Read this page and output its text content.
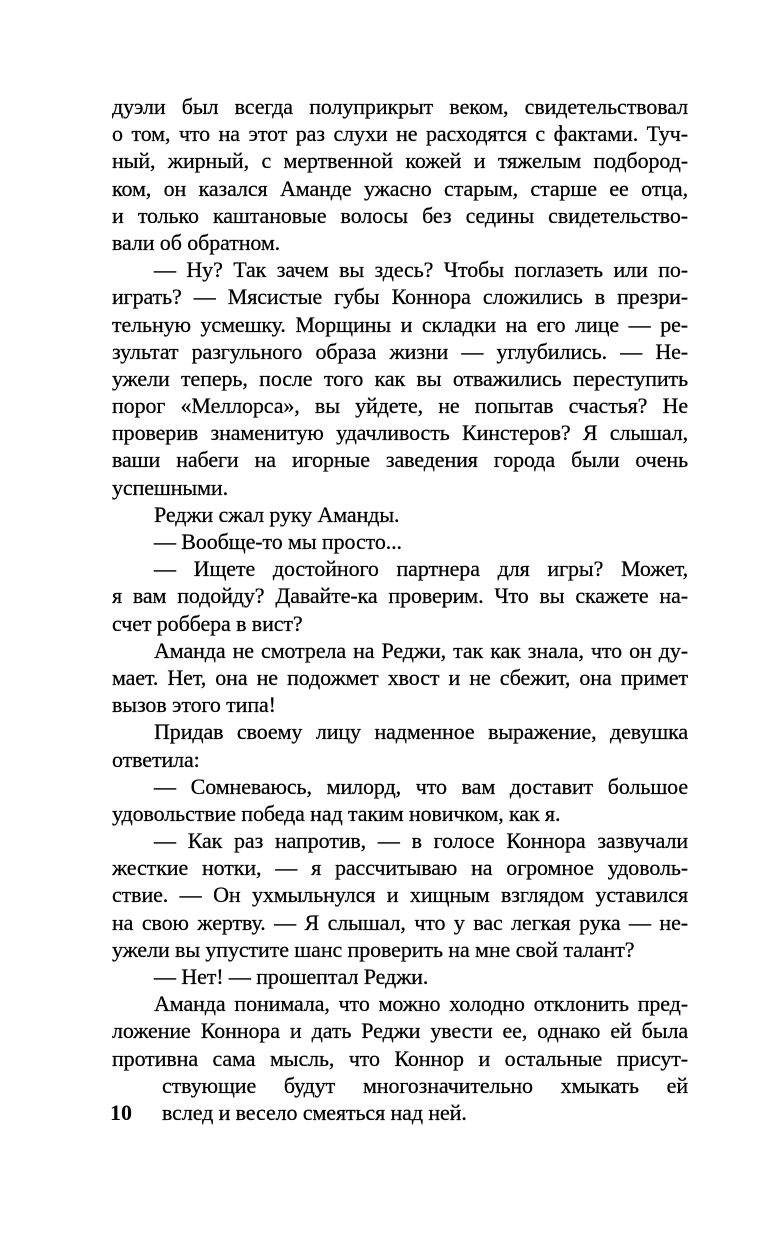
дуэли был всегда полуприкрыт веком, свидетельствовал
о том, что на этот раз слухи не расходятся с фактами. Туч-
ный, жирный, с мертвенной кожей и тяжелым подбород-
ком, он казался Аманде ужасно старым, старше ее отца,
и только каштановые волосы без седины свидетельство-
вали об обратном.
— Ну? Так зачем вы здесь? Чтобы поглазеть или по-
играть? — Мясистые губы Коннора сложились в презри-
тельную усмешку. Морщины и складки на его лице — ре-
зультат разгульного образа жизни — углубились. — Не-
ужели теперь, после того как вы отважились переступить
порог «Меллорса», вы уйдете, не попытав счастья? Не
проверив знаменитую удачливость Кинстеров? Я слышал,
ваши набеги на игорные заведения города были очень
успешными.
Реджи сжал руку Аманды.
— Вообще-то мы просто...
— Ищете достойного партнера для игры? Может,
я вам подойду? Давайте-ка проверим. Что вы скажете на-
счет роббера в вист?
Аманда не смотрела на Реджи, так как знала, что он ду-
мает. Нет, она не подожмет хвост и не сбежит, она примет
вызов этого типа!
Придав своему лицу надменное выражение, девушка
ответила:
— Сомневаюсь, милорд, что вам доставит большое
удовольствие победа над таким новичком, как я.
— Как раз напротив, — в голосе Коннора зазвучали
жесткие нотки, — я рассчитываю на огромное удоволь-
ствие. — Он ухмыльнулся и хищным взглядом уставился
на свою жертву. — Я слышал, что у вас легкая рука — не-
ужели вы упустите шанс проверить на мне свой талант?
— Нет! — прошептал Реджи.
Аманда понимала, что можно холодно отклонить пред-
ложение Коннора и дать Реджи увести ее, однако ей была
противна сама мысль, что Коннор и остальные присут-
ствующие будут многозначительно хмыкать ей
вслед и весело смеяться над ней.
10
